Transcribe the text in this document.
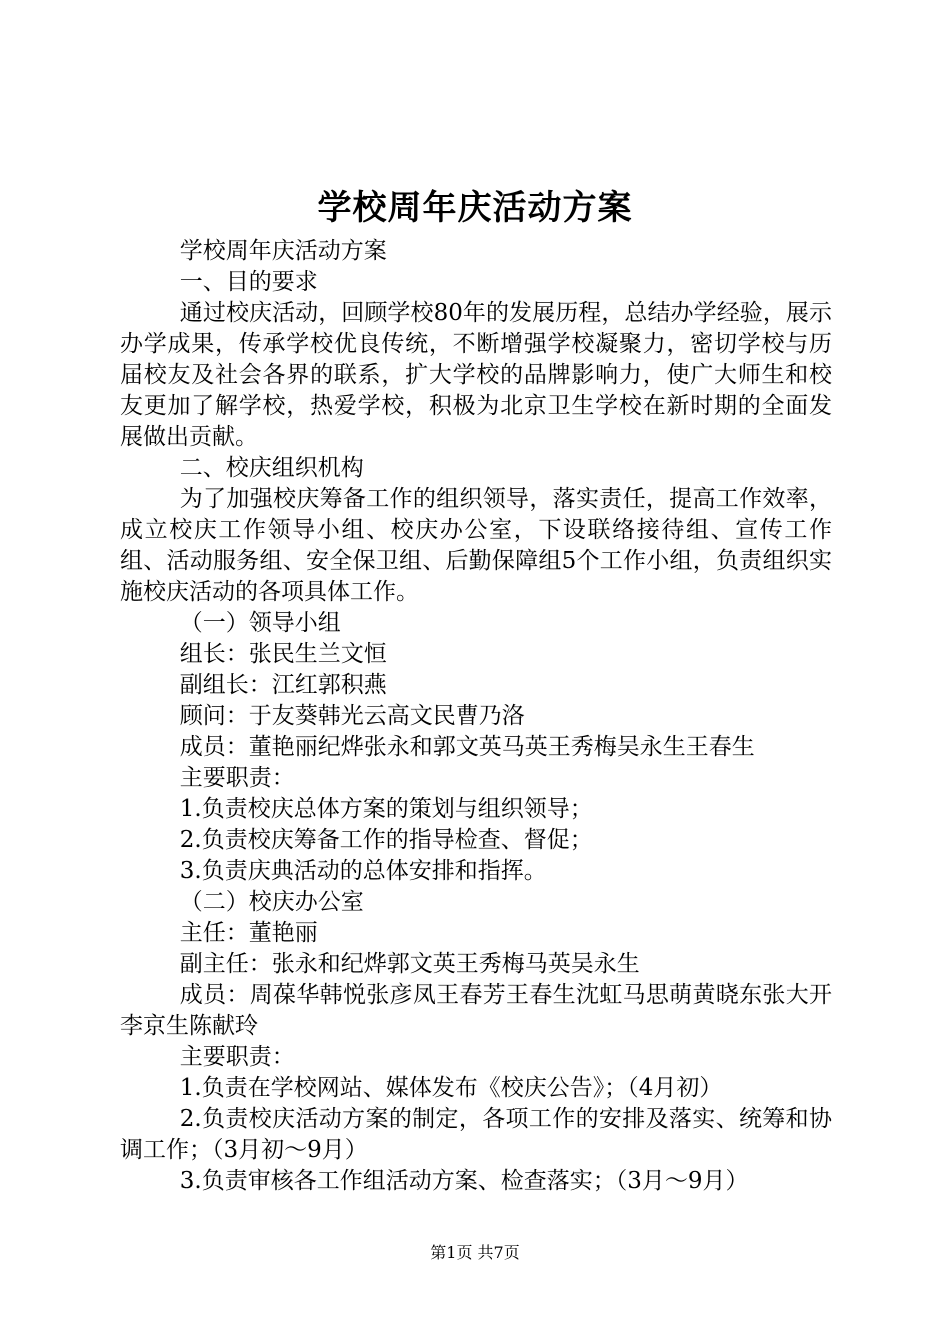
学校周年庆活动方案

学校周年庆活动方案

一、目的要求

通过校庆活动，回顾学校80年的发展历程，总结办学经验，展示办学成果，传承学校优良传统，不断增强学校凝聚力，密切学校与历届校友及社会各界的联系，扩大学校的品牌影响力，使广大师生和校友更加了解学校，热爱学校，积极为北京卫生学校在新时期的全面发展做出贡献。

二、校庆组织机构

为了加强校庆筹备工作的组织领导，落实责任，提高工作效率，成立校庆工作领导小组、校庆办公室，下设联络接待组、宣传工作组、活动服务组、安全保卫组、后勤保障组5个工作小组，负责组织实施校庆活动的各项具体工作。

（一）领导小组

组长：张民生兰文恒

副组长：江红郭积燕

顾问：于友葵韩光云高文民曹乃洛

成员：董艳丽纪烨张永和郭文英马英王秀梅吴永生王春生

主要职责：

1.负责校庆总体方案的策划与组织领导；

2.负责校庆筹备工作的指导检查、督促；

3.负责庆典活动的总体安排和指挥。

（二）校庆办公室

主任：董艳丽

副主任：张永和纪烨郭文英王秀梅马英吴永生

成员：周葆华韩悦张彦凤王春芳王春生沈虹马思萌黄晓东张大开李京生陈献玲

主要职责：

1.负责在学校网站、媒体发布《校庆公告》；（4月初）

2.负责校庆活动方案的制定，各项工作的安排及落实、统筹和协调工作；（3月初～9月）

3.负责审核各工作组活动方案、检查落实；（3月～9月）

第1页 共7页
